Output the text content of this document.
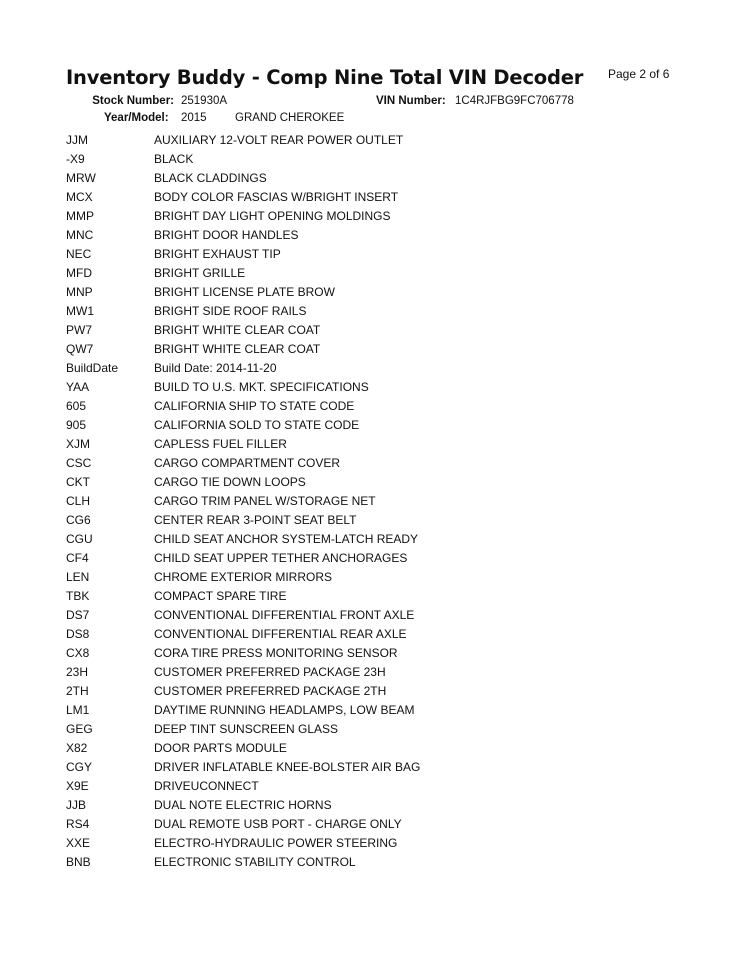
Inventory Buddy - Comp Nine Total VIN Decoder Page 2 of 6
Stock Number: 251930A	VIN Number: 1C4RJFBG9FC706778
Year/Model: 2015 GRAND CHEROKEE
JJM	AUXILIARY 12-VOLT REAR POWER OUTLET
-X9	BLACK
MRW	BLACK CLADDINGS
MCX	BODY COLOR FASCIAS W/BRIGHT INSERT
MMP	BRIGHT DAY LIGHT OPENING MOLDINGS
MNC	BRIGHT DOOR HANDLES
NEC	BRIGHT EXHAUST TIP
MFD	BRIGHT GRILLE
MNP	BRIGHT LICENSE PLATE BROW
MW1	BRIGHT SIDE ROOF RAILS
PW7	BRIGHT WHITE CLEAR COAT
QW7	BRIGHT WHITE CLEAR COAT
BuildDate	Build Date: 2014-11-20
YAA	BUILD TO U.S. MKT. SPECIFICATIONS
605	CALIFORNIA SHIP TO STATE CODE
905	CALIFORNIA SOLD TO STATE CODE
XJM	CAPLESS FUEL FILLER
CSC	CARGO COMPARTMENT COVER
CKT	CARGO TIE DOWN LOOPS
CLH	CARGO TRIM PANEL W/STORAGE NET
CG6	CENTER REAR 3-POINT SEAT BELT
CGU	CHILD SEAT ANCHOR SYSTEM-LATCH READY
CF4	CHILD SEAT UPPER TETHER ANCHORAGES
LEN	CHROME EXTERIOR MIRRORS
TBK	COMPACT SPARE TIRE
DS7	CONVENTIONAL DIFFERENTIAL FRONT AXLE
DS8	CONVENTIONAL DIFFERENTIAL REAR AXLE
CX8	CORA TIRE PRESS MONITORING SENSOR
23H	CUSTOMER PREFERRED PACKAGE 23H
2TH	CUSTOMER PREFERRED PACKAGE 2TH
LM1	DAYTIME RUNNING HEADLAMPS, LOW BEAM
GEG	DEEP TINT SUNSCREEN GLASS
X82	DOOR PARTS MODULE
CGY	DRIVER INFLATABLE KNEE-BOLSTER AIR BAG
X9E	DRIVEUCONNECT
JJB	DUAL NOTE ELECTRIC HORNS
RS4	DUAL REMOTE USB PORT - CHARGE ONLY
XXE	ELECTRO-HYDRAULIC POWER STEERING
BNB	ELECTRONIC STABILITY CONTROL
